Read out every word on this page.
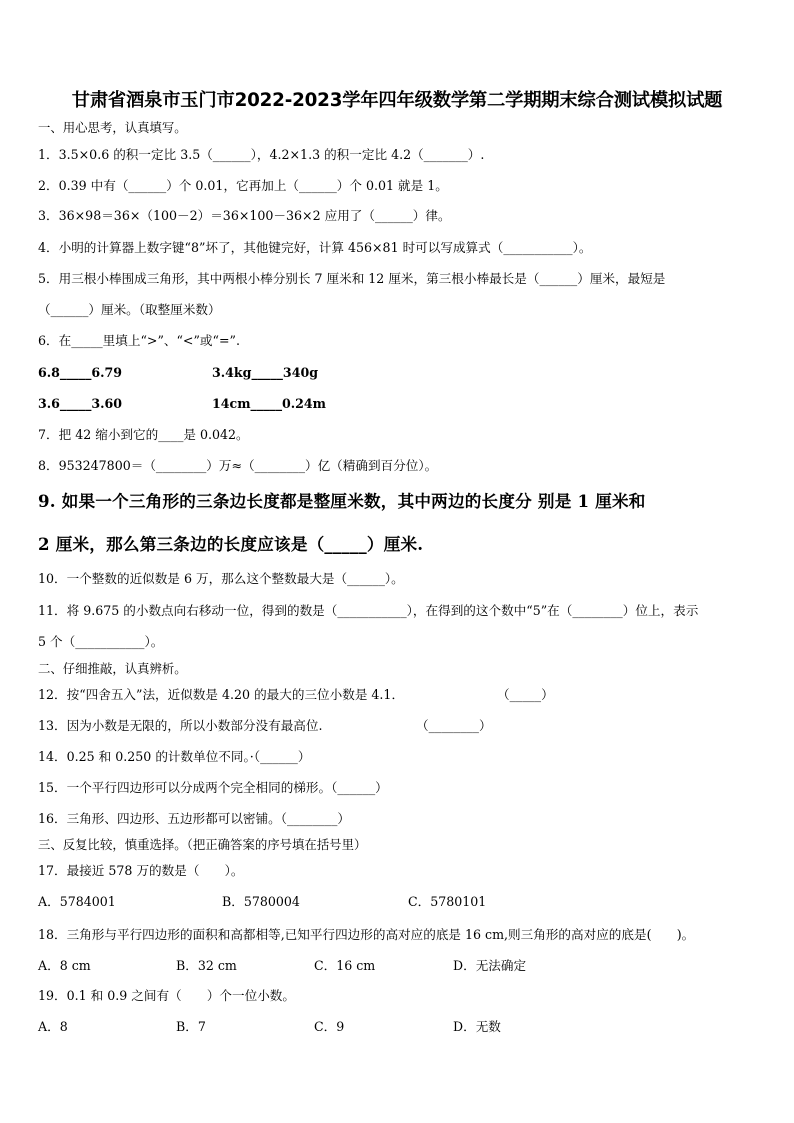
甘肃省酒泉市玉门市2022-2023学年四年级数学第二学期期末综合测试模拟试题
一、用心思考，认真填写。
1．3.5×0.6 的积一定比 3.5（______），4.2×1.3 的积一定比 4.2（_______）.
2．0.39 中有（______）个 0.01，它再加上（______）个 0.01 就是 1。
3．36×98＝36×（100－2）＝36×100－36×2 应用了（______）律。
4．小明的计算器上数字键“8”坏了，其他键完好，计算 456×81 时可以写成算式（___________）。
5．用三根小棒围成三角形，其中两根小棒分别长 7 厘米和 12 厘米，第三根小棒最长是（______）厘米，最短是
（______）厘米。（取整厘米数）
6．在_____里填上“>”、“<”或“=”.
6.8_____6.79	3.4kg_____340g
3.6_____3.60	14cm_____0.24m
7．把 42 缩小到它的____是 0.042。
8．953247800＝（________）万≈（________）亿（精确到百分位）。
9. 如果一个三角形的三条边长度都是整厘米数，其中两边的长度分 别是 1 厘米和
2 厘米，那么第三条边的长度应该是（_____）厘米.
10．一个整数的近似数是 6 万，那么这个整数最大是（______）。
11．将 9.675 的小数点向右移动一位，得到的数是（___________），在得到的这个数中“5”在（________）位上，表示
5 个（___________）。
二、仔细推敲，认真辨析。
12．按“四舍五入”法，近似数是 4.20 的最大的三位小数是 4.1．	（_____）
13．因为小数是无限的，所以小数部分没有最高位.	（________）
14．0.25 和 0.250 的计数单位不同。·（______）
15．一个平行四边形可以分成两个完全相同的梯形。（______）
16．三角形、四边形、五边形都可以密铺。（________）
三、反复比较，慎重选择。（把正确答案的序号填在括号里）
17．最接近 578 万的数是（　　）。
A．5784001	B．5780004	C．5780101
18．三角形与平行四边形的面积和高都相等,已知平行四边形的高对应的底是 16 cm,则三角形的高对应的底是(　　)。
A．8 cm	B．32 cm	C．16 cm	D．无法确定
19．0.1 和 0.9 之间有（　　）个一位小数。
A．8	B．7	C．9	D．无数
